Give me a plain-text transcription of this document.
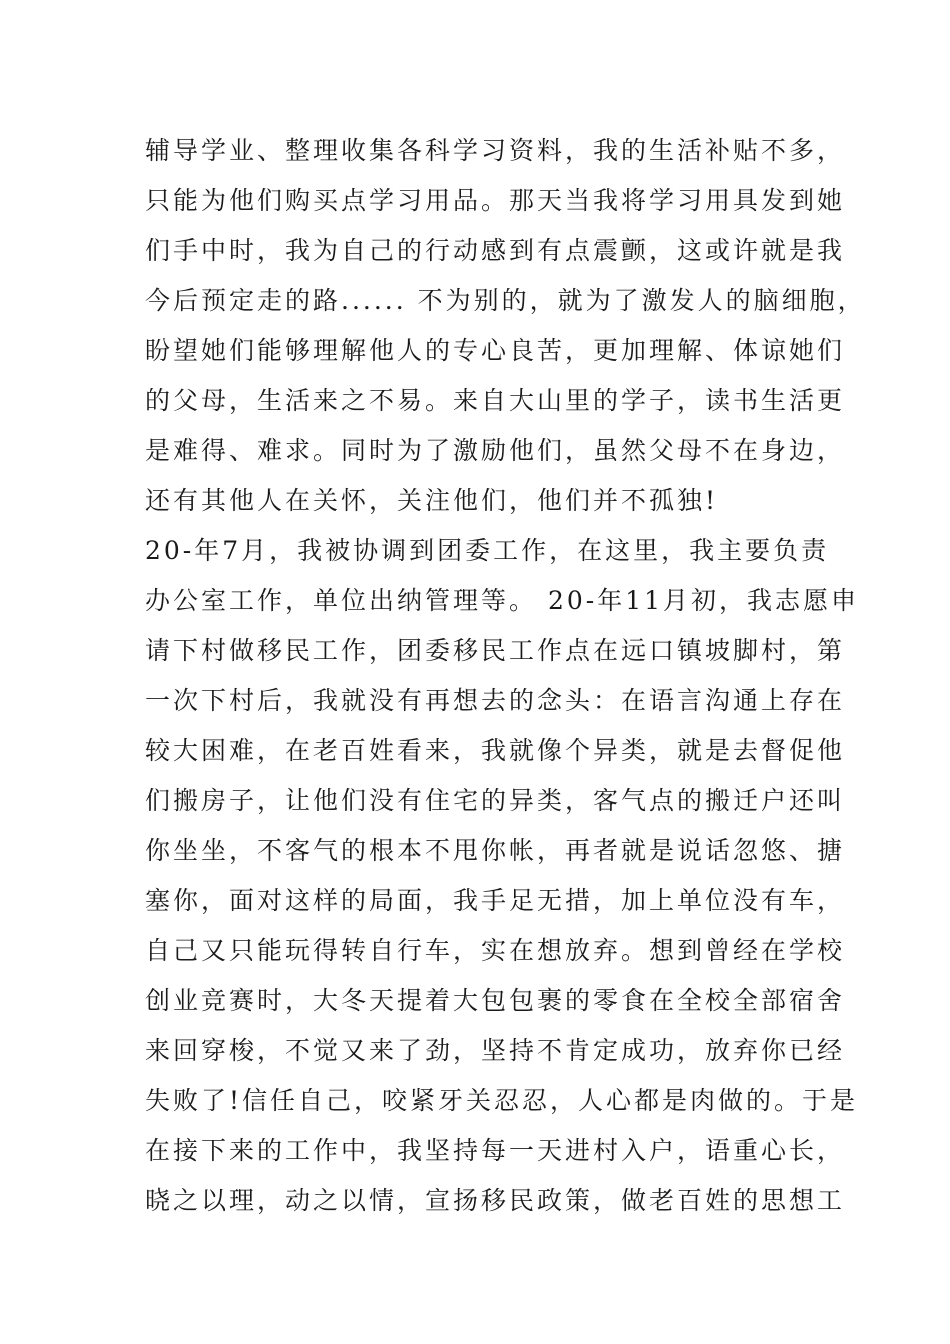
辅导学业、整理收集各科学习资料，我的生活补贴不多，
只能为他们购买点学习用品。那天当我将学习用具发到她
们手中时，我为自己的行动感到有点震颤，这或许就是我
今后预定走的路...... 不为别的，就为了激发人的脑细胞，
盼望她们能够理解他人的专心良苦，更加理解、体谅她们
的父母，生活来之不易。来自大山里的学子，读书生活更
是难得、难求。同时为了激励他们，虽然父母不在身边，
还有其他人在关怀，关注他们，他们并不孤独!
20-年7月，我被协调到团委工作，在这里，我主要负责
办公室工作，单位出纳管理等。 20-年11月初，我志愿申
请下村做移民工作，团委移民工作点在远口镇坡脚村，第
一次下村后，我就没有再想去的念头：在语言沟通上存在
较大困难，在老百姓看来，我就像个异类，就是去督促他
们搬房子，让他们没有住宅的异类，客气点的搬迁户还叫
你坐坐，不客气的根本不甩你帐，再者就是说话忽悠、搪
塞你，面对这样的局面，我手足无措，加上单位没有车，
自己又只能玩得转自行车，实在想放弃。想到曾经在学校
创业竞赛时，大冬天提着大包包裹的零食在全校全部宿舍
来回穿梭，不觉又来了劲，坚持不肯定成功，放弃你已经
失败了!信任自己，咬紧牙关忍忍，人心都是肉做的。于是
在接下来的工作中，我坚持每一天进村入户，语重心长，
晓之以理，动之以情，宣扬移民政策，做老百姓的思想工
